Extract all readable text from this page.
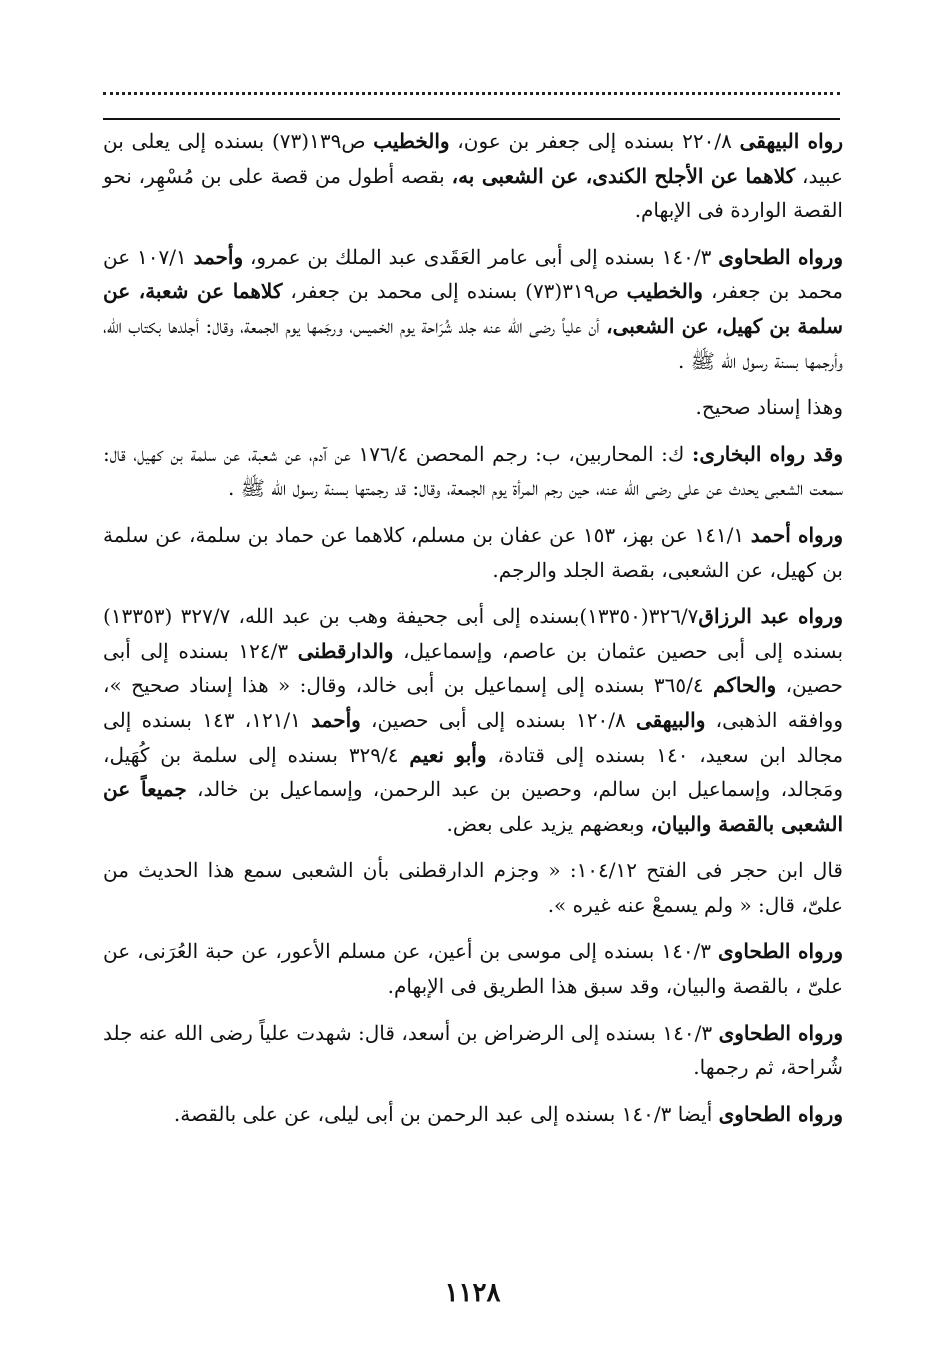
رواه البيهقى ٢٢٠/٨ بسنده إلى جعفر بن عون، والخطيب ص١٣٩(٧٣) بسنده إلى يعلى بن عبيد، كلاهما عن الأجلح الكندى، عن الشعبى به، بقصه أطول من قصة على بن مُسْهِر، نحو القصة الواردة فى الإبهام.

ورواه الطحاوى ١٤٠/٣ بسنده إلى أبى عامر العَقَدى عبد الملك بن عمرو، وأحمد ١٠٧/١ عن محمد بن جعفر، والخطيب ص٣١٩(٧٣) بسنده إلى محمد بن جعفر، كلاهما عن شعبة، عن سلمة بن كهيل، عن الشعبى، أن علياً رضى الله عنه جلد شُرَاحة يوم الخميس، ورجَمها يوم الجمعة، وقال: أجلدها بكتاب الله، وأرجمها بسنة رسول الله ﷺ .

وهذا إسناد صحيح.

وقد رواه البخارى: ك: المحاربين، ب: رجم المحصن ١٧٦/٤ عن آدم، عن شعبة، عن سلمة بن كهيل، قال: سمعت الشعبى يحدث عن على رضى الله عنه، حين رجم المرأة يوم الجمعة، وقال: قد رجمتها بسنة رسول الله ﷺ .

ورواه أحمد ١٤١/١ عن بهز، ١٥٣ عن عفان بن مسلم، كلاهما عن حماد بن سلمة، عن سلمة بن كهيل، عن الشعبى، بقصة الجلد والرجم.

ورواه عبد الرزاق٣٢٦/٧(١٣٣٥٠)بسنده إلى أبى جحيفة وهب بن عبد الله، ٣٢٧/٧ (١٣٣٥٣) بسنده إلى أبى حصين عثمان بن عاصم، وإسماعيل، والدارقطنى ١٢٤/٣ بسنده إلى أبى حصين، والحاكم ٣٦٥/٤ بسنده إلى إسماعيل بن أبى خالد، وقال: « هذا إسناد صحيح »، ووافقه الذهبى، والبيهقى ١٢٠/٨ بسنده إلى أبى حصين، وأحمد ١٢١/١، ١٤٣ بسنده إلى مجالد ابن سعيد، ١٤٠ بسنده إلى قتادة، وأبو نعيم ٣٢٩/٤ بسنده إلى سلمة بن كُهَيل، ومَجالد، وإسماعيل ابن سالم، وحصين بن عبد الرحمن، وإسماعيل بن خالد، جميعاً عن الشعبى بالقصة والبيان، وبعضهم يزيد على بعض.

قال ابن حجر فى الفتح ١٠٤/١٢: « وجزم الدارقطنى بأن الشعبى سمع هذا الحديث من علىّ، قال: « ولم يسمعْ عنه غيره ».

ورواه الطحاوى ١٤٠/٣ بسنده إلى موسى بن أعين، عن مسلم الأعور، عن حبة العُرَنى، عن علىّ ، بالقصة والبيان، وقد سبق هذا الطريق فى الإبهام.

ورواه الطحاوى ١٤٠/٣ بسنده إلى الرضراض بن أسعد، قال: شهدت علياً رضى الله عنه جلد شُراحة، ثم رجمها.

ورواه الطحاوى أيضا ١٤٠/٣ بسنده إلى عبد الرحمن بن أبى ليلى، عن على بالقصة.

١١٢٨
